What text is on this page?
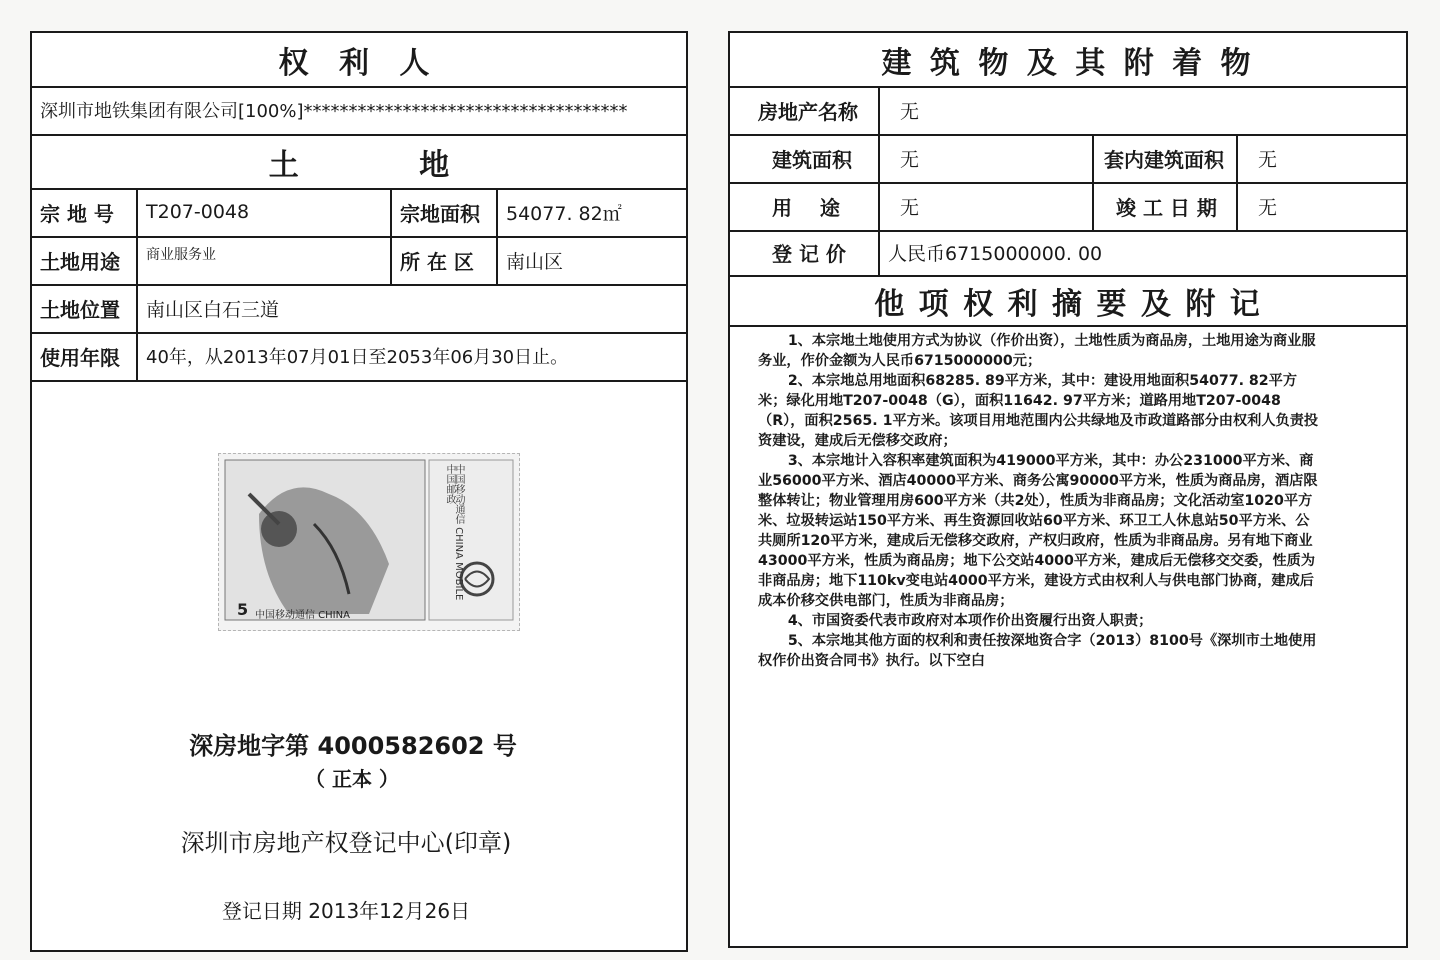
权 利 人
深圳市地铁集团有限公司[100%]************************************
土 地
宗 地 号	T207-0048	宗地面积	54077. 82㎡
土地用途	商业服务业	所 在 区	南山区
土地位置	南山区白石三道
使用年限	40年，从2013年07月01日至2053年06月30日止。
5 中国移动通信 CHINA
中国邮政
中国移动通信 CHINA MOBILE
深房地字第 4000582602 号
（ 正本 ）
深圳市房地产权登记中心(印章)
登记日期 2013年12月26日
建 筑 物 及 其 附 着 物
房地产名称	无
建筑面积	无	套内建筑面积	无
用    途	无	竣 工 日 期	无
登 记 价	人民币6715000000. 00
他 项 权 利 摘 要 及 附 记

1、本宗地土地使用方式为协议（作价出资），土地性质为商品房，土地用途为商业服务业，作价金额为人民币6715000000元；

2、本宗地总用地面积68285. 89平方米，其中：建设用地面积54077. 82平方米；绿化用地T207-0048（G），面积11642. 97平方米；道路用地T207-0048（R），面积2565. 1平方米。该项目用地范围内公共绿地及市政道路部分由权利人负责投资建设，建成后无偿移交政府；

3、本宗地计入容积率建筑面积为419000平方米，其中：办公231000平方米、商业56000平方米、酒店40000平方米、商务公寓90000平方米，性质为商品房，酒店限整体转让；物业管理用房600平方米（共2处），性质为非商品房；文化活动室1020平方米、垃圾转运站150平方米、再生资源回收站60平方米、环卫工人休息站50平方米、公共厕所120平方米，建成后无偿移交政府，产权归政府，性质为非商品房。另有地下商业43000平方米，性质为商品房；地下公交站4000平方米，建成后无偿移交交委，性质为非商品房；地下110kv变电站4000平方米，建设方式由权利人与供电部门协商，建成后成本价移交供电部门，性质为非商品房；

4、市国资委代表市政府对本项作价出资履行出资人职责；

5、本宗地其他方面的权利和责任按深地资合字（2013）8100号《深圳市土地使用权作价出资合同书》执行。以下空白
